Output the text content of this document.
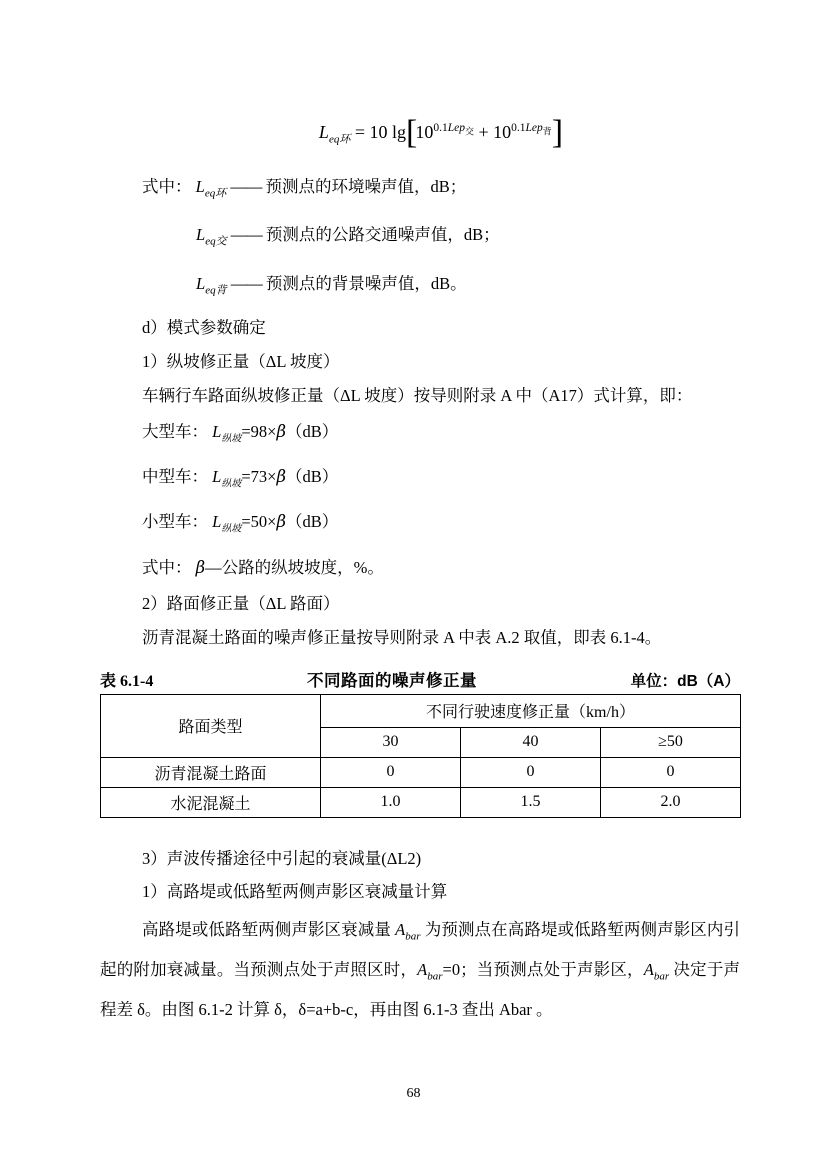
$L_{eq环} = 10$ $\lg[10^{0.1Lep_交} + 10^{0.1Lep_背}]$
式中： $L_{eq环}$ —— 预测点的环境噪声值，dB；
$L_{eq交}$ —— 预测点的公路交通噪声值，dB；
$L_{eq背}$ —— 预测点的背景噪声值，dB。
d）模式参数确定
1）纵坡修正量（ΔL 坡度）
车辆行车路面纵坡修正量（ΔL 坡度）按导则附录 A 中（A17）式计算，即：
大型车： $L_{纵坡}=98\times\beta(dB)$
中型车： $L_{纵坡}=73\times\beta(dB)$
小型车： $L_{纵坡}=50\times\beta(dB)$
式中： β—公路的纵坡坡度，%。
2）路面修正量（ΔL 路面）
沥青混凝土路面的噪声修正量按导则附录 A 中表 A.2 取值，即表 6.1-4。
表 6.1-4	不同路面的噪声修正量	单位：dB（A）
路面类型	不同行驶速度修正量（km/h）		
	30	40	≥50
沥青混凝土路面	0	0	0
水泥混凝土	1.0	1.5	2.0
3）声波传播途径中引起的衰减量(ΔL2)
1）高路堤或低路堑两侧声影区衰减量计算
高路堤或低路堑两侧声影区衰减量 $A_{bar}$ 为预测点在高路堤或低路堑两侧声影区内引起的附加衰减量。当预测点处于声照区时，$A_{bar}=0$；当预测点处于声影区，$A_{bar}$ 决定于声程差 δ。由图 6.1-2 计算 δ，δ=a+b-c，再由图 6.1-3 查出 Abar 。
68
